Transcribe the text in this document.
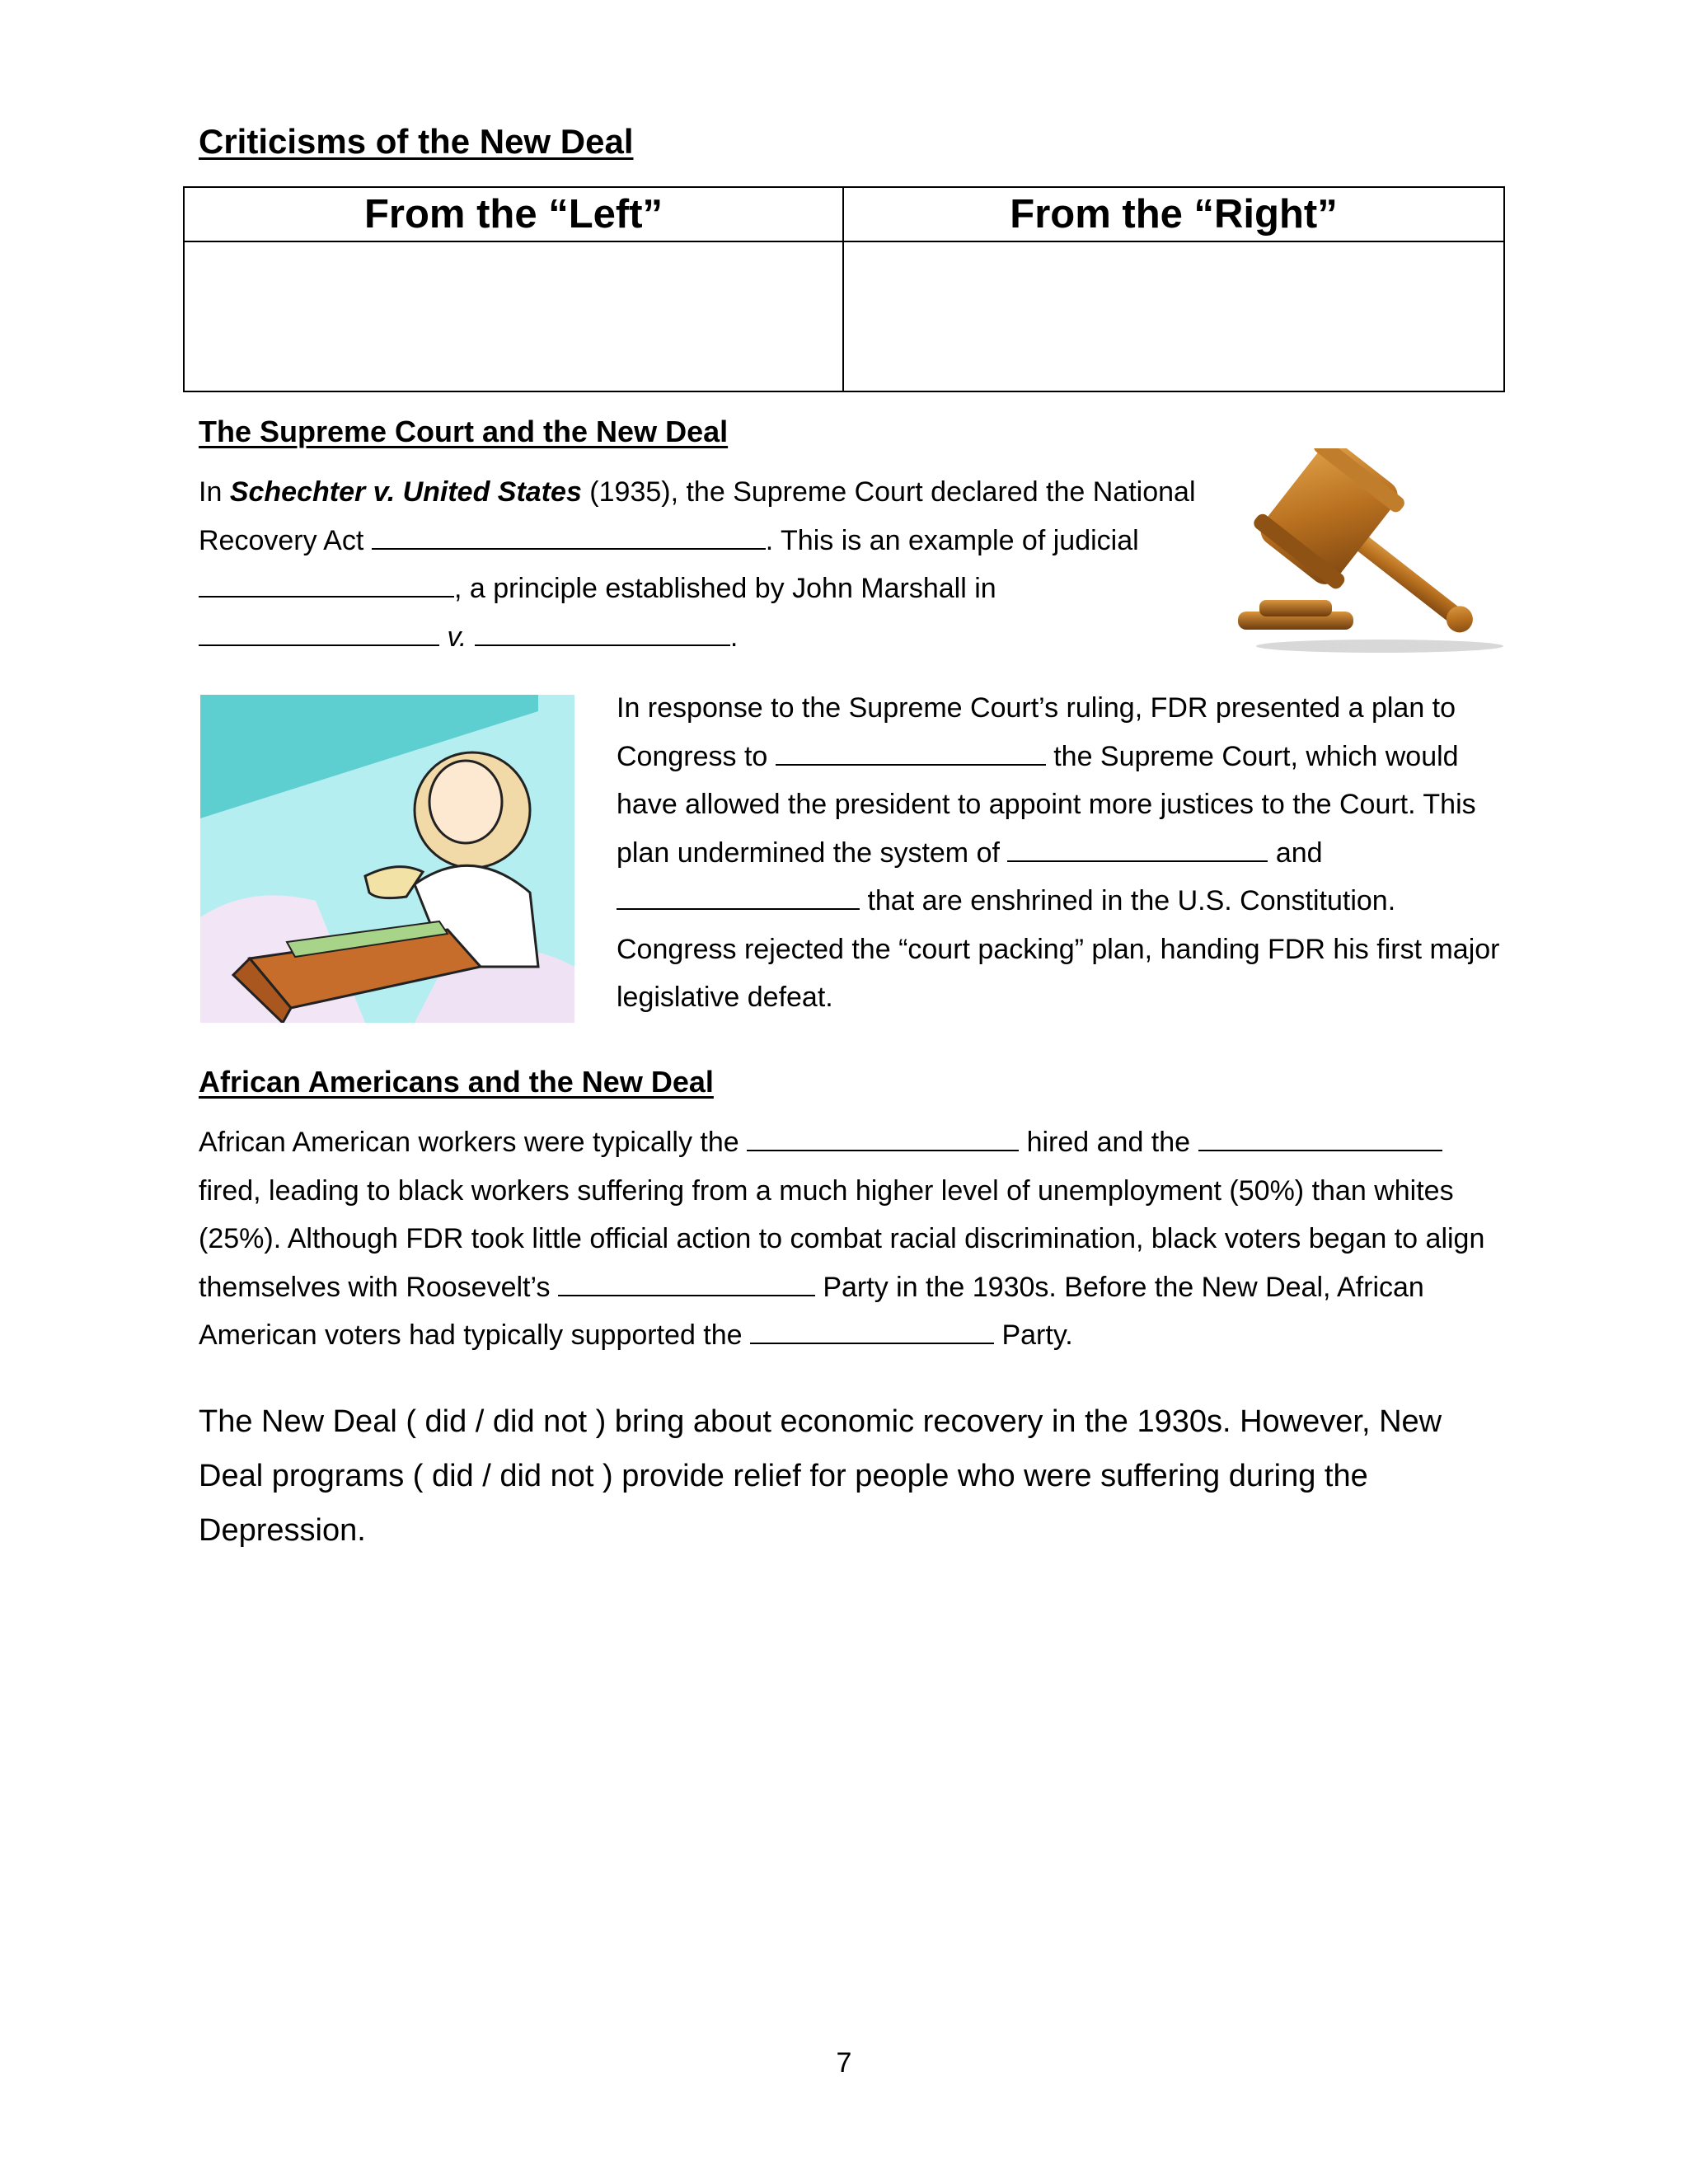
Criticisms of the New Deal
From the “Left”	From the “Right”
The Supreme Court and the New Deal
In Schechter v. United States (1935), the Supreme Court declared the National Recovery Act	. This is an example of judicial , a principle established by John Marshall in  v.	.
In response to the Supreme Court’s ruling, FDR presented a plan to Congress to	the Supreme Court, which would have allowed the president to appoint more justices to the Court. This plan undermined the system of	and  that are enshrined in the U.S. Constitution. Congress rejected the “court packing” plan, handing FDR his first major legislative defeat.
African Americans and the New Deal
African American workers were typically the	hired and the  fired, leading to black workers suffering from a much higher level of unemployment (50%) than whites (25%). Although FDR took little official action to combat racial discrimination, black voters began to align themselves with Roosevelt’s	Party in the 1930s. Before the New Deal, African American voters had typically supported the	Party.
The New Deal ( did / did not ) bring about economic recovery in the 1930s. However, New Deal programs ( did / did not ) provide relief for people who were suffering during the Depression.
7
